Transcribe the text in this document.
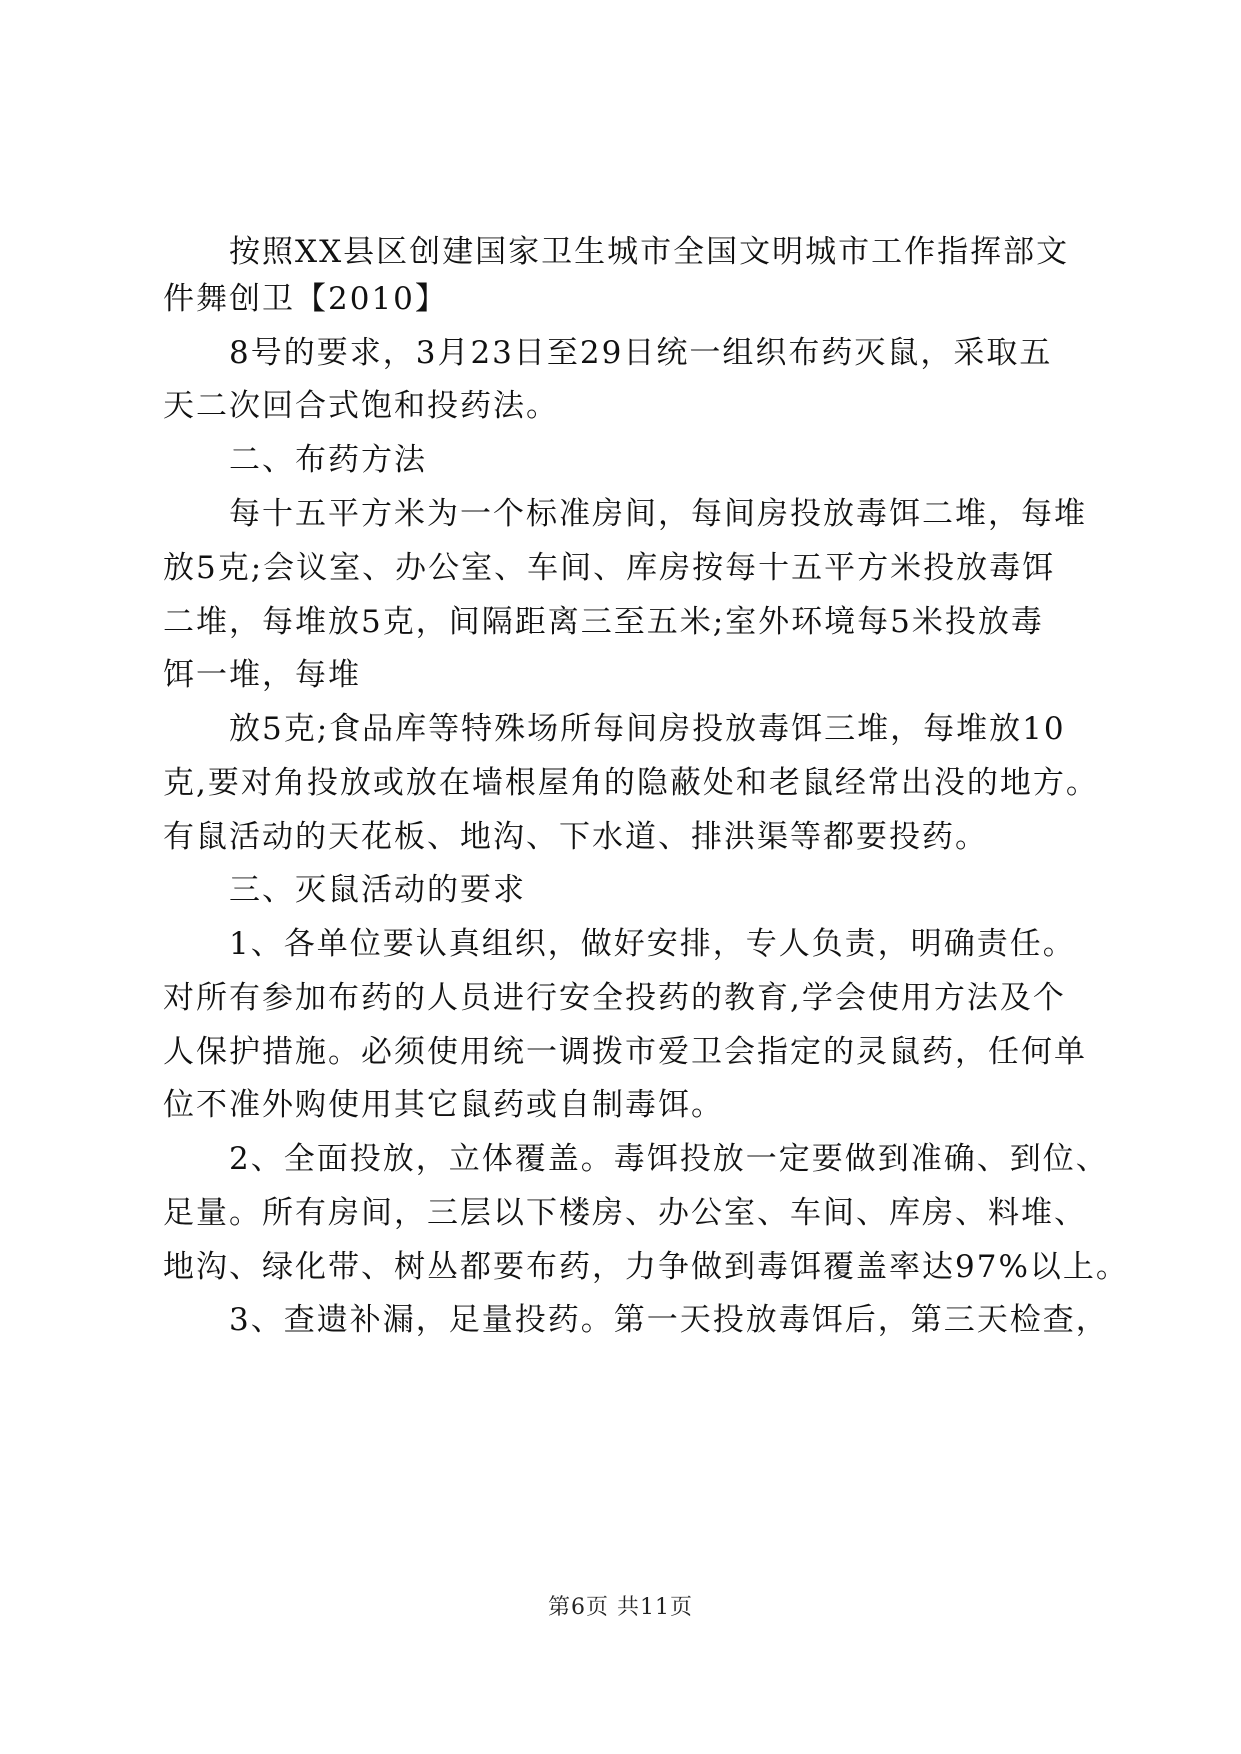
　　按照XX县区创建国家卫生城市全国文明城市工作指挥部文
件舞创卫【2010】
　　8号的要求，3月23日至29日统一组织布药灭鼠，采取五
天二次回合式饱和投药法。
　　二、布药方法
　　每十五平方米为一个标准房间，每间房投放毒饵二堆，每堆
放5克;会议室、办公室、车间、库房按每十五平方米投放毒饵
二堆，每堆放5克，间隔距离三至五米;室外环境每5米投放毒
饵一堆，每堆
　　放5克;食品库等特殊场所每间房投放毒饵三堆，每堆放10
克,要对角投放或放在墙根屋角的隐蔽处和老鼠经常出没的地方。
有鼠活动的天花板、地沟、下水道、排洪渠等都要投药。
　　三、灭鼠活动的要求
　　1、各单位要认真组织，做好安排，专人负责，明确责任。
对所有参加布药的人员进行安全投药的教育,学会使用方法及个
人保护措施。必须使用统一调拨市爱卫会指定的灵鼠药，任何单
位不准外购使用其它鼠药或自制毒饵。
　　2、全面投放，立体覆盖。毒饵投放一定要做到准确、到位、
足量。所有房间，三层以下楼房、办公室、车间、库房、料堆、
地沟、绿化带、树丛都要布药，力争做到毒饵覆盖率达97%以上。
　　3、查遗补漏，足量投药。第一天投放毒饵后，第三天检查，
第6页 共11页
